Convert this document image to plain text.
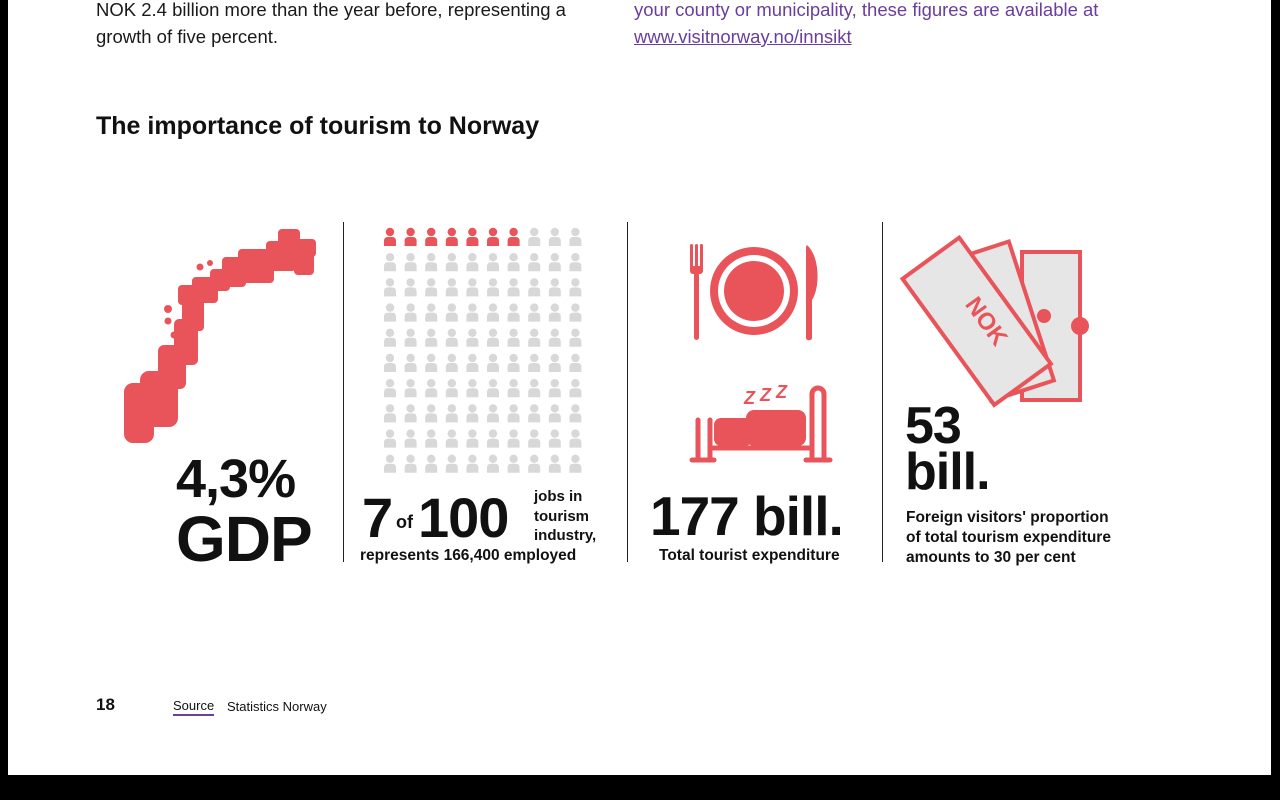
NOK 2.4 billion more than the year before, representing a growth of five percent.
your county or municipality, these figures are available at www.visitnorway.no/innsikt
The importance of tourism to Norway
4,3%
GDP 7 of 100 jobs in
tourism
industry,
represents 166,400 employed
Z Z Z
177 bill.
Total tourist expenditure
NOK
53
bill.
Foreign visitors' proportion
of total tourism expenditure
amounts to 30 per cent
18	Source Statistics Norway
